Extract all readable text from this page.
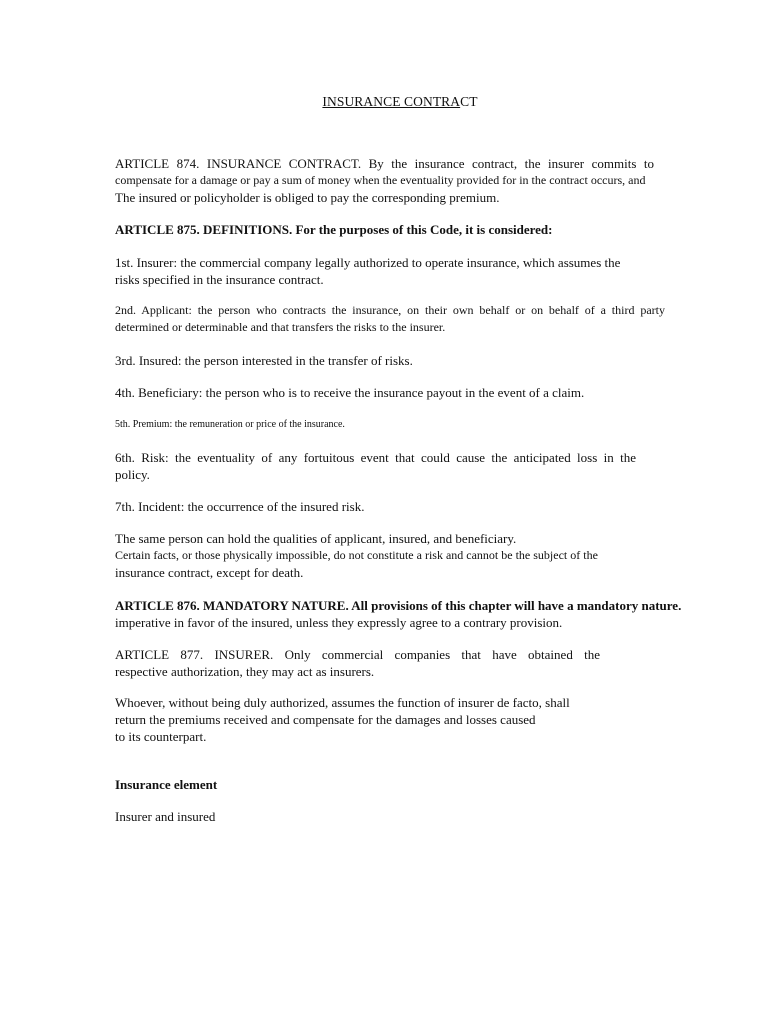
INSURANCE CONTRACT
ARTICLE 874. INSURANCE CONTRACT. By the insurance contract, the insurer commits to
compensate for a damage or pay a sum of money when the eventuality provided for in the contract occurs, and
The insured or policyholder is obliged to pay the corresponding premium.
ARTICLE 875. DEFINITIONS. For the purposes of this Code, it is considered:
1st. Insurer: the commercial company legally authorized to operate insurance, which assumes the
risks specified in the insurance contract.
2nd. Applicant: the person who contracts the insurance, on their own behalf or on behalf of a third party
determined or determinable and that transfers the risks to the insurer.
3rd. Insured: the person interested in the transfer of risks.
4th. Beneficiary: the person who is to receive the insurance payout in the event of a claim.
5th. Premium: the remuneration or price of the insurance.
6th. Risk: the eventuality of any fortuitous event that could cause the anticipated loss in the
policy.
7th. Incident: the occurrence of the insured risk.
The same person can hold the qualities of applicant, insured, and beneficiary.
Certain facts, or those physically impossible, do not constitute a risk and cannot be the subject of the
insurance contract, except for death.
ARTICLE 876. MANDATORY NATURE. All provisions of this chapter will have a mandatory nature.
imperative in favor of the insured, unless they expressly agree to a contrary provision.
ARTICLE 877. INSURER. Only commercial companies that have obtained the
respective authorization, they may act as insurers.
Whoever, without being duly authorized, assumes the function of insurer de facto, shall
return the premiums received and compensate for the damages and losses caused
to its counterpart.
Insurance element
Insurer and insured
